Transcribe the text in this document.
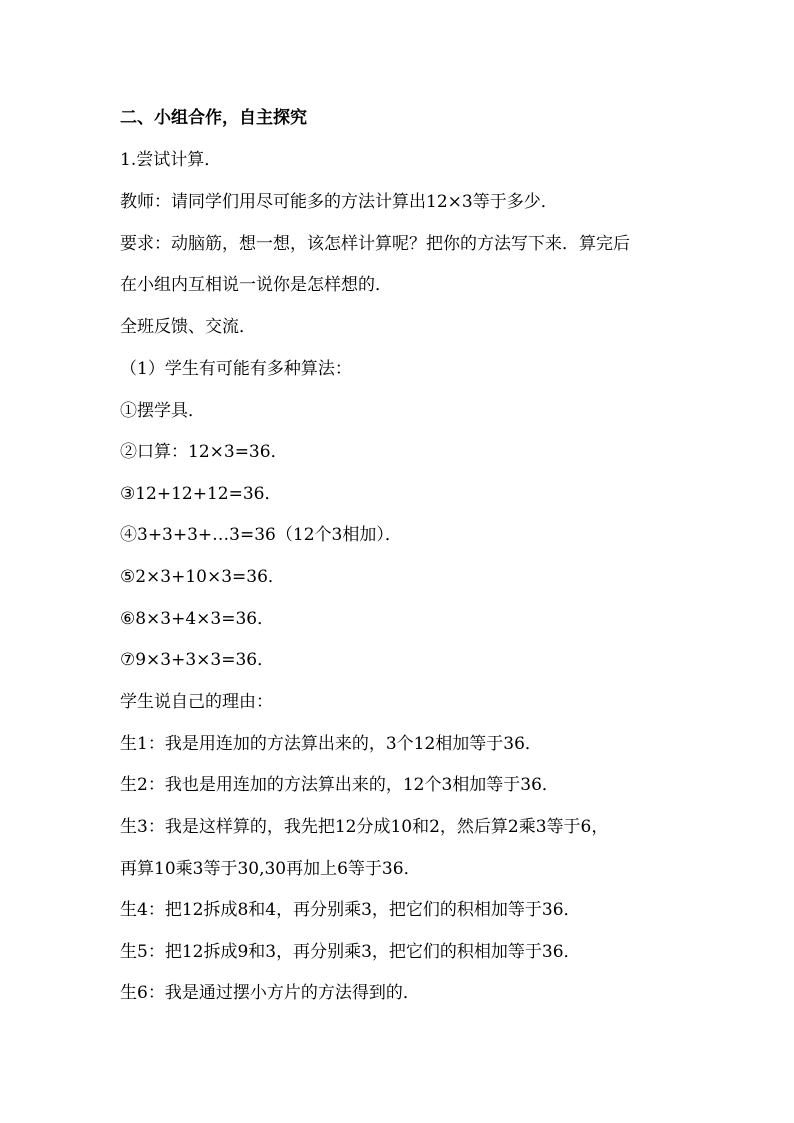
二、小组合作，自主探究
1.尝试计算．
教师：请同学们用尽可能多的方法计算出12×3等于多少．
要求：动脑筋，想一想，该怎样计算呢？把你的方法写下来．算完后
在小组内互相说一说你是怎样想的．
全班反馈、交流．
（1）学生有可能有多种算法：
①摆学具．
②口算：12×3=36．
③12+12+12=36．
④3+3+3+…3=36（12个3相加）．
⑤2×3+10×3=36．
⑥8×3+4×3=36．
⑦9×3+3×3=36．
学生说自己的理由：
生1：我是用连加的方法算出来的，3个12相加等于36．
生2：我也是用连加的方法算出来的，12个3相加等于36．
生3：我是这样算的，我先把12分成10和2，然后算2乘3等于6，
再算10乘3等于30,30再加上6等于36．
生4：把12拆成8和4，再分别乘3，把它们的积相加等于36．
生5：把12拆成9和3，再分别乘3，把它们的积相加等于36．
生6：我是通过摆小方片的方法得到的．
